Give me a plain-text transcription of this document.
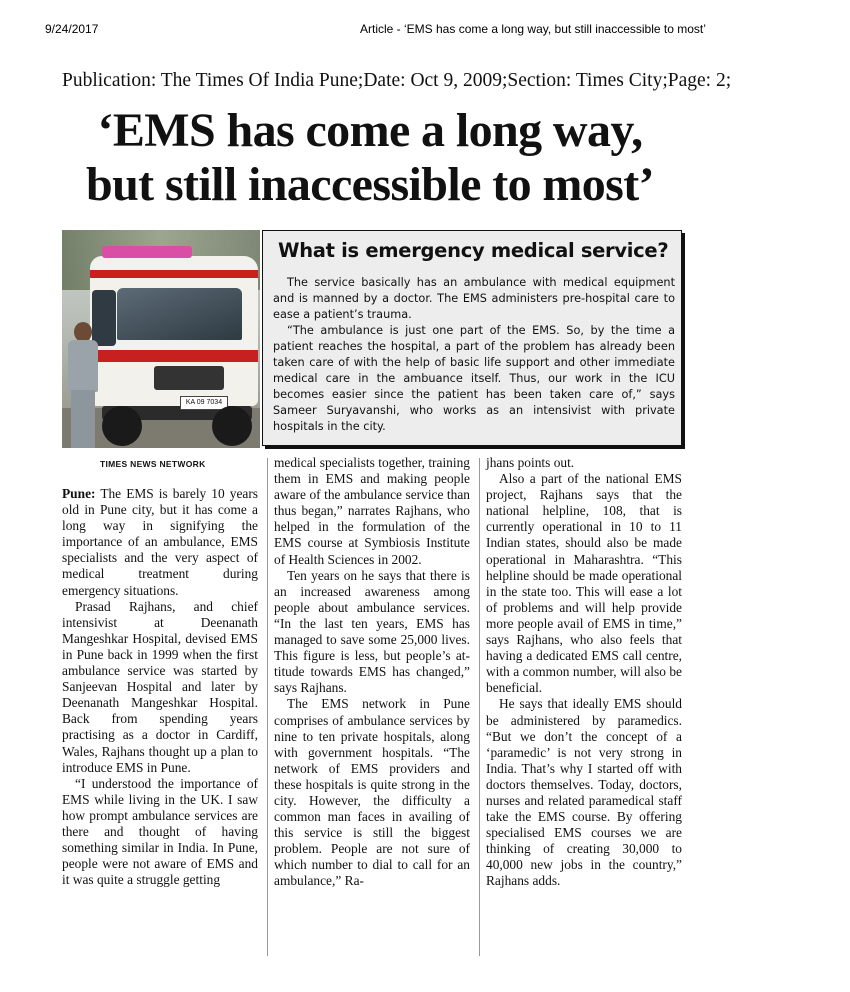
9/24/2017	Article - ‘EMS has come a long way, but still inaccessible to most’
Publication: The Times Of India Pune;Date: Oct 9, 2009;Section: Times City;Page: 2;
‘EMS has come a long way,
but still inaccessible to most’
KA 09 7034
What is emergency medical service?

The service basically has an ambulance with medical equipment and is manned by a doctor. The EMS administers pre-hospital care to ease a patient’s trauma.

“The ambulance is just one part of the EMS. So, by the time a patient reaches the hospital, a part of the problem has already been taken care of with the help of basic life support and other immediate medical care in the ambuance itself. Thus, our work in the ICU becomes easier since the patient has been taken care of,” says Sameer Suryavanshi, who works as an intensivist with private hospitals in the city.

TIMES NEWS NETWORK

Pune: The EMS is barely 10 years old in Pune city, but it has come a long way in signifying the importance of an ambulance, EMS specialists and the very aspect of medical treatment during emergency situations.

Prasad Rajhans, and chief intensivist at Deenanath Mangeshkar Hospital, devised EMS in Pune back in 1999 when the first ambulance service was started by Sanjeevan Hospital and later by Deenanath Mangeshkar Hospital. Back from spending years practising as a doctor in Cardiff, Wales, Rajhans thought up a plan to introduce EMS in Pune.

“I understood the importance of EMS while living in the UK. I saw how prompt ambulance services are there and thought of having something similar in India. In Pune, people were not aware of EMS and it was quite a struggle getting

medical specialists together, training them in EMS and making people aware of the ambulance service than thus began,” narrates Rajhans, who helped in the formulation of the EMS course at Symbiosis Institute of Health Sciences in 2002.

Ten years on he says that there is an increased awareness among people about ambulance services. “In the last ten years, EMS has managed to save some 25,000 lives. This figure is less, but people’s attitude towards EMS has changed,” says Rajhans.

The EMS network in Pune comprises of ambulance services by nine to ten private hospitals, along with government hospitals. “The network of EMS providers and these hospitals is quite strong in the city. However, the difficulty a common man faces in availing of this service is still the biggest problem. People are not sure of which number to dial to call for an ambulance,” Ra-

jhans points out.

Also a part of the national EMS project, Rajhans says that the national helpline, 108, that is currently operational in 10 to 11 Indian states, should also be made operational in Maharashtra. “This helpline should be made operational in the state too. This will ease a lot of problems and will help provide more people avail of EMS in time,” says Rajhans, who also feels that having a dedicated EMS call centre, with a common number, will also be beneficial.

He says that ideally EMS should be administered by paramedics. “But we don’t the concept of a ‘paramedic’ is not very strong in India. That’s why I started off with doctors themselves. Today, doctors, nurses and related paramedical staff take the EMS course. By offering specialised EMS courses we are thinking of creating 30,000 to 40,000 new jobs in the country,” Rajhans adds.
